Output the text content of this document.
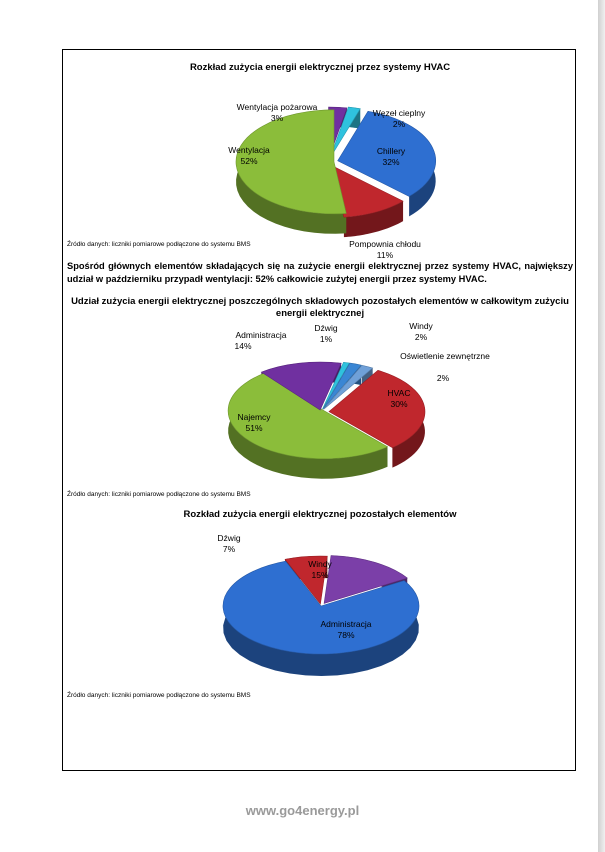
Rozkład zużycia energii elektrycznej przez systemy HVAC
Wentylacja pożarowa
3%	Węzeł cieplny
2%
Chillery
32%
Pompownia chłodu
11%
Wentylacja
52%
Źródło danych: liczniki pomiarowe podłączone do systemu BMS
Spośród głównych elementów składających się na zużycie energii elektrycznej przez systemy HVAC, największy udział w październiku przypadł wentylacji: 52% całkowicie zużytej energii przez systemy HVAC.
Udział zużycia energii elektrycznej poszczególnych składowych pozostałych elementów w całkowitym zużyciu energii elektrycznej
Administracja
14%
Dźwig
1%
Windy
2%
Oświetlenie zewnętrzne
2%
HVAC
30%
Najemcy
51%
Źródło danych: liczniki pomiarowe podłączone do systemu BMS
Rozkład zużycia energii elektrycznej pozostałych elementów
Windy
15%
Administracja
78%
Dźwig
7%
Źródło danych: liczniki pomiarowe podłączone do systemu BMS
www.go4energy.pl
